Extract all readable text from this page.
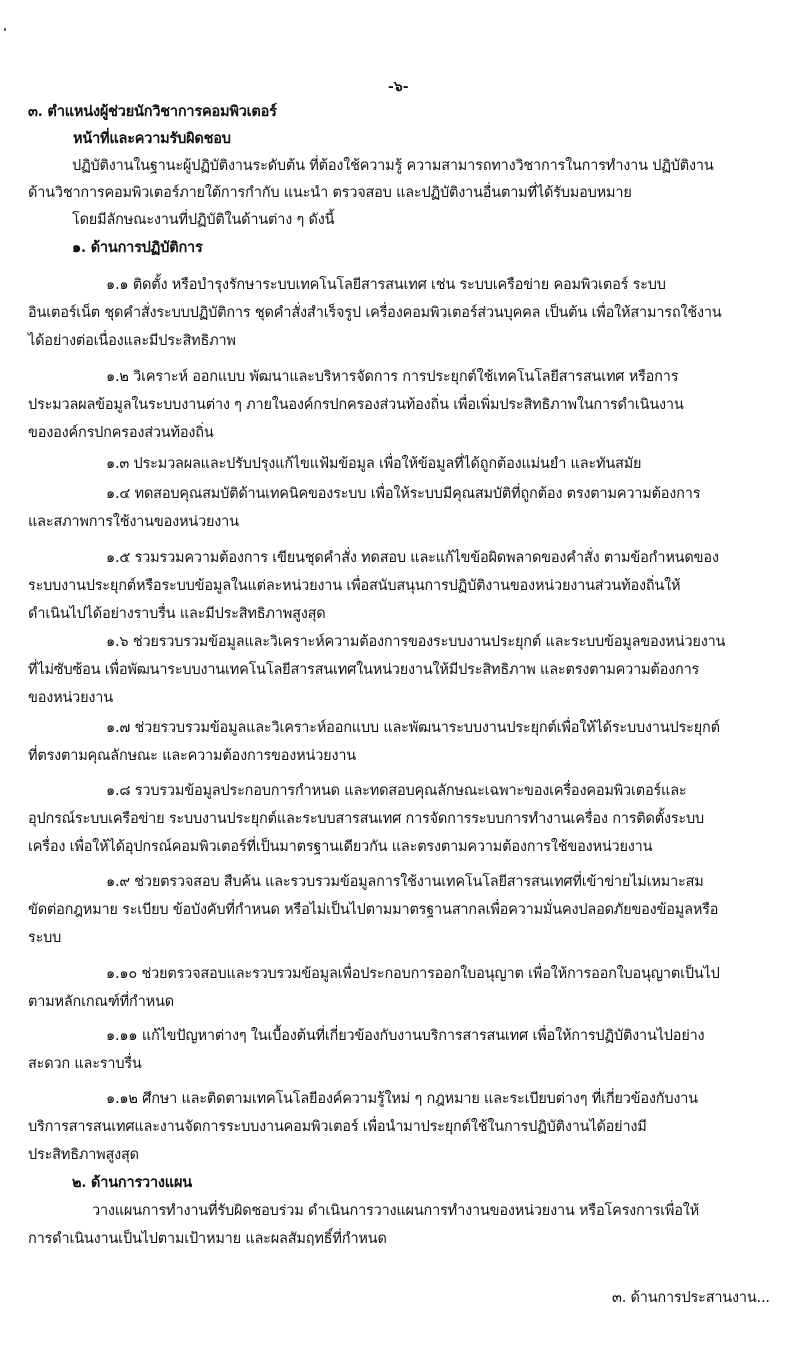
-๖-
๓. ตำแหน่งผู้ช่วยนักวิชาการคอมพิวเตอร์
หน้าที่และความรับผิดชอบ
ปฏิบัติงานในฐานะผู้ปฏิบัติงานระดับต้น ที่ต้องใช้ความรู้ ความสามารถทางวิชาการในการทำงาน ปฏิบัติงาน
ด้านวิชาการคอมพิวเตอร์ภายใต้การกำกับ แนะนำ ตรวจสอบ และปฏิบัติงานอื่นตามที่ได้รับมอบหมาย
โดยมีลักษณะงานที่ปฏิบัติในด้านต่าง ๆ ดังนี้
๑. ด้านการปฏิบัติการ
๑.๑ ติดตั้ง หรือบำรุงรักษาระบบเทคโนโลยีสารสนเทศ เช่น ระบบเครือข่าย คอมพิวเตอร์ ระบบ
อินเตอร์เน็ต ชุดคำสั่งระบบปฏิบัติการ ชุดคำสั่งสำเร็จรูป เครื่องคอมพิวเตอร์ส่วนบุคคล เป็นต้น เพื่อให้สามารถใช้งาน
ได้อย่างต่อเนื่องและมีประสิทธิภาพ
๑.๒ วิเคราะห์ ออกแบบ พัฒนาและบริหารจัดการ การประยุกต์ใช้เทคโนโลยีสารสนเทศ หรือการ
ประมวลผลข้อมูลในระบบงานต่าง ๆ ภายในองค์กรปกครองส่วนท้องถิ่น เพื่อเพิ่มประสิทธิภาพในการดำเนินงาน
ขององค์กรปกครองส่วนท้องถิ่น
๑.๓ ประมวลผลและปรับปรุงแก้ไขแฟ้มข้อมูล เพื่อให้ข้อมูลที่ได้ถูกต้องแม่นยำ และทันสมัย
๑.๔ ทดสอบคุณสมบัติด้านเทคนิคของระบบ เพื่อให้ระบบมีคุณสมบัติที่ถูกต้อง ตรงตามความต้องการ
และสภาพการใช้งานของหน่วยงาน
๑.๕ รวมรวมความต้องการ เขียนชุดคำสั่ง ทดสอบ และแก้ไขข้อผิดพลาดของคำสั่ง ตามข้อกำหนดของ
ระบบงานประยุกต์หรือระบบข้อมูลในแต่ละหน่วยงาน เพื่อสนับสนุนการปฏิบัติงานของหน่วยงานส่วนท้องถิ่นให้
ดำเนินไปได้อย่างราบรื่น และมีประสิทธิภาพสูงสุด
๑.๖ ช่วยรวบรวมข้อมูลและวิเคราะห์ความต้องการของระบบงานประยุกต์ และระบบข้อมูลของหน่วยงาน
ที่ไม่ซับซ้อน เพื่อพัฒนาระบบงานเทคโนโลยีสารสนเทศในหน่วยงานให้มีประสิทธิภาพ และตรงตามความต้องการ
ของหน่วยงาน
๑.๗ ช่วยรวบรวมข้อมูลและวิเคราะห์ออกแบบ และพัฒนาระบบงานประยุกต์เพื่อให้ได้ระบบงานประยุกต์
ที่ตรงตามคุณลักษณะ และความต้องการของหน่วยงาน
๑.๘ รวบรวมข้อมูลประกอบการกำหนด และทดสอบคุณลักษณะเฉพาะของเครื่องคอมพิวเตอร์และ
อุปกรณ์ระบบเครือข่าย ระบบงานประยุกต์และระบบสารสนเทศ การจัดการระบบการทำงานเครื่อง การติดตั้งระบบ
เครื่อง เพื่อให้ได้อุปกรณ์คอมพิวเตอร์ที่เป็นมาตรฐานเดียวกัน และตรงตามความต้องการใช้ของหน่วยงาน
๑.๙ ช่วยตรวจสอบ สืบค้น และรวบรวมข้อมูลการใช้งานเทคโนโลยีสารสนเทศที่เข้าข่ายไม่เหมาะสม
ขัดต่อกฎหมาย ระเบียบ ข้อบังคับที่กำหนด หรือไม่เป็นไปตามมาตรฐานสากลเพื่อความมั่นคงปลอดภัยของข้อมูลหรือ
ระบบ
๑.๑๐ ช่วยตรวจสอบและรวบรวมข้อมูลเพื่อประกอบการออกใบอนุญาต เพื่อให้การออกใบอนุญาตเป็นไป
ตามหลักเกณฑ์ที่กำหนด
๑.๑๑ แก้ไขปัญหาต่างๆ ในเบื้องต้นที่เกี่ยวข้องกับงานบริการสารสนเทศ เพื่อให้การปฏิบัติงานไปอย่าง
สะดวก และราบรื่น
๑.๑๒ ศึกษา และติดตามเทคโนโลยีองค์ความรู้ใหม่ ๆ กฎหมาย และระเบียบต่างๆ ที่เกี่ยวข้องกับงาน
บริการสารสนเทศและงานจัดการระบบงานคอมพิวเตอร์ เพื่อนำมาประยุกต์ใช้ในการปฏิบัติงานได้อย่างมี
ประสิทธิภาพสูงสุด
๒. ด้านการวางแผน
วางแผนการทำงานที่รับผิดชอบร่วม ดำเนินการวางแผนการทำงานของหน่วยงาน หรือโครงการเพื่อให้
การดำเนินงานเป็นไปตามเป้าหมาย และผลสัมฤทธิ์ที่กำหนด
๓. ด้านการประสานงาน...
